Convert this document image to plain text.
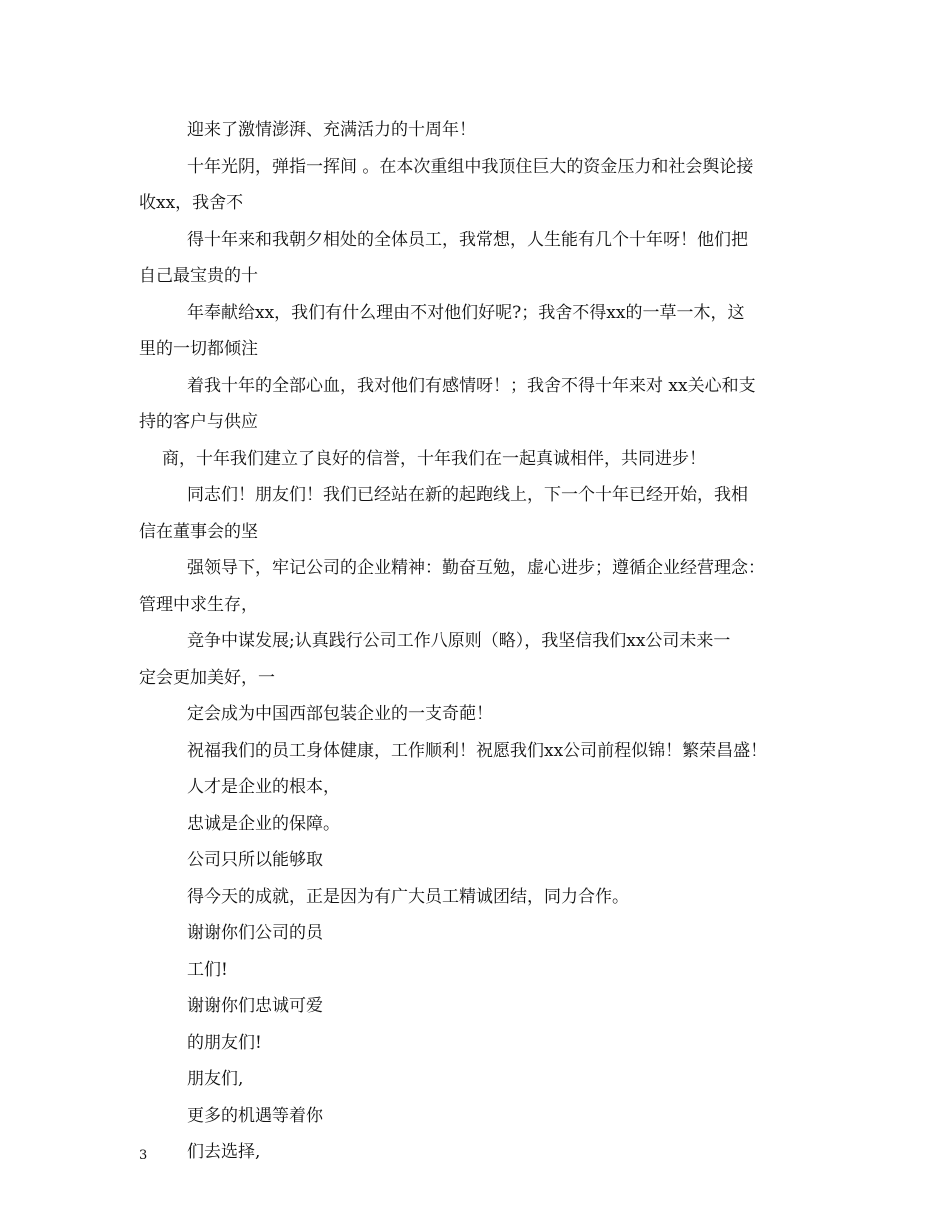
迎来了激情澎湃、充满活力的十周年！
十年光阴，弹指一挥间 。在本次重组中我顶住巨大的资金压力和社会舆论接
收xx，我舍不
得十年来和我朝夕相处的全体员工，我常想，人生能有几个十年呀！他们把
自己最宝贵的十
年奉献给xx，我们有什么理由不对他们好呢?；我舍不得xx的一草一木，这
里的一切都倾注
着我十年的全部心血，我对他们有感情呀！；我舍不得十年来对 xx关心和支
持的客户与供应
商，十年我们建立了良好的信誉，十年我们在一起真诚相伴，共同进步！
同志们！朋友们！我们已经站在新的起跑线上，下一个十年已经开始，我相
信在董事会的坚
强领导下，牢记公司的企业精神：勤奋互勉，虚心进步；遵循企业经营理念：
管理中求生存，
竞争中谋发展;认真践行公司工作八原则（略），我坚信我们xx公司未来一
定会更加美好，一
定会成为中国西部包装企业的一支奇葩！
祝福我们的员工身体健康，工作顺利！祝愿我们xx公司前程似锦！繁荣昌盛！
人才是企业的根本，
忠诚是企业的保障。
公司只所以能够取
得今天的成就，正是因为有广大员工精诚团结，同力合作。
谢谢你们公司的员
工们!
谢谢你们忠诚可爱
的朋友们!
朋友们,
更多的机遇等着你
们去选择,
3
